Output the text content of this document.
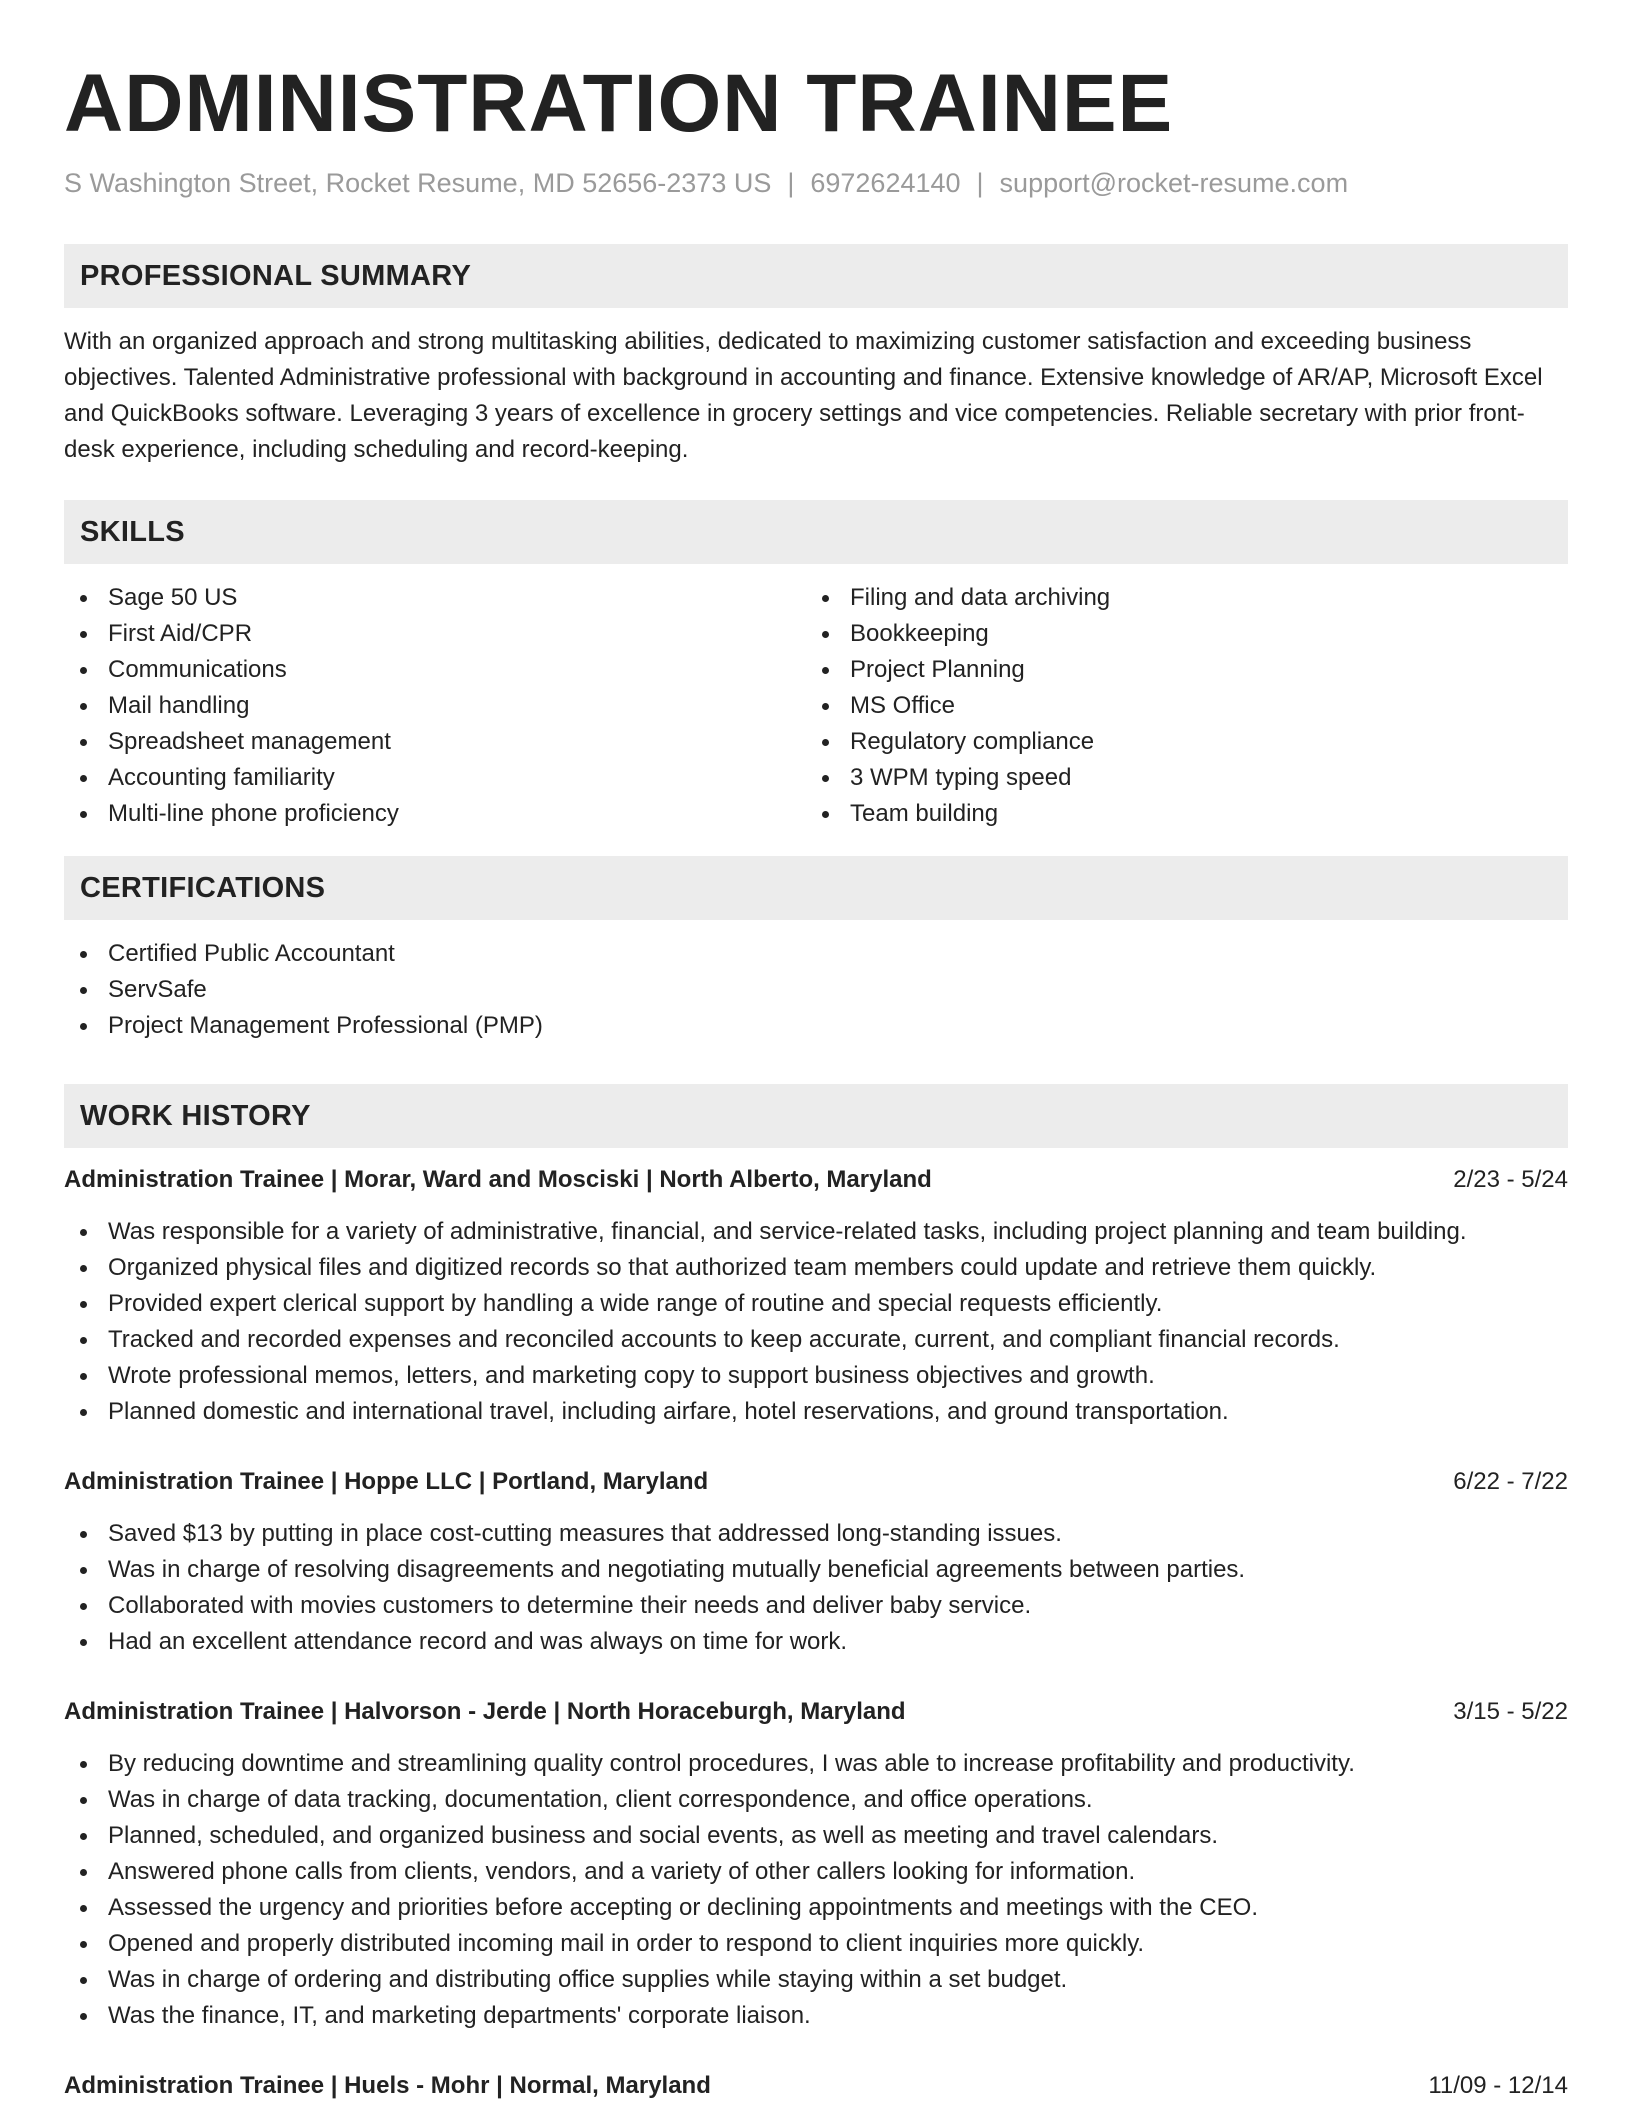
ADMINISTRATION TRAINEE
S Washington Street, Rocket Resume, MD 52656-2373 US | 6972624140 | support@rocket-resume.com
PROFESSIONAL SUMMARY

With an organized approach and strong multitasking abilities, dedicated to maximizing customer satisfaction and exceeding business objectives. Talented Administrative professional with background in accounting and finance. Extensive knowledge of AR/AP, Microsoft Excel and QuickBooks software. Leveraging 3 years of excellence in grocery settings and vice competencies. Reliable secretary with prior front-desk experience, including scheduling and record-keeping.

SKILLS
Sage 50 US
First Aid/CPR
Communications
Mail handling
Spreadsheet management
Accounting familiarity
Multi-line phone proficiency
Filing and data archiving
Bookkeeping
Project Planning
MS Office
Regulatory compliance
3 WPM typing speed
Team building
CERTIFICATIONS
Certified Public Accountant
ServSafe
Project Management Professional (PMP)
WORK HISTORY
Administration Trainee | Morar, Ward and Mosciski | North Alberto, Maryland	2/23 - 5/24
Was responsible for a variety of administrative, financial, and service-related tasks, including project planning and team building.
Organized physical files and digitized records so that authorized team members could update and retrieve them quickly.
Provided expert clerical support by handling a wide range of routine and special requests efficiently.
Tracked and recorded expenses and reconciled accounts to keep accurate, current, and compliant financial records.
Wrote professional memos, letters, and marketing copy to support business objectives and growth.
Planned domestic and international travel, including airfare, hotel reservations, and ground transportation.
Administration Trainee | Hoppe LLC | Portland, Maryland	6/22 - 7/22
Saved $13 by putting in place cost-cutting measures that addressed long-standing issues.
Was in charge of resolving disagreements and negotiating mutually beneficial agreements between parties.
Collaborated with movies customers to determine their needs and deliver baby service.
Had an excellent attendance record and was always on time for work.
Administration Trainee | Halvorson - Jerde | North Horaceburgh, Maryland	3/15 - 5/22
By reducing downtime and streamlining quality control procedures, I was able to increase profitability and productivity.
Was in charge of data tracking, documentation, client correspondence, and office operations.
Planned, scheduled, and organized business and social events, as well as meeting and travel calendars.
Answered phone calls from clients, vendors, and a variety of other callers looking for information.
Assessed the urgency and priorities before accepting or declining appointments and meetings with the CEO.
Opened and properly distributed incoming mail in order to respond to client inquiries more quickly.
Was in charge of ordering and distributing office supplies while staying within a set budget.
Was the finance, IT, and marketing departments' corporate liaison.
Administration Trainee | Huels - Mohr | Normal, Maryland	11/09 - 12/14
